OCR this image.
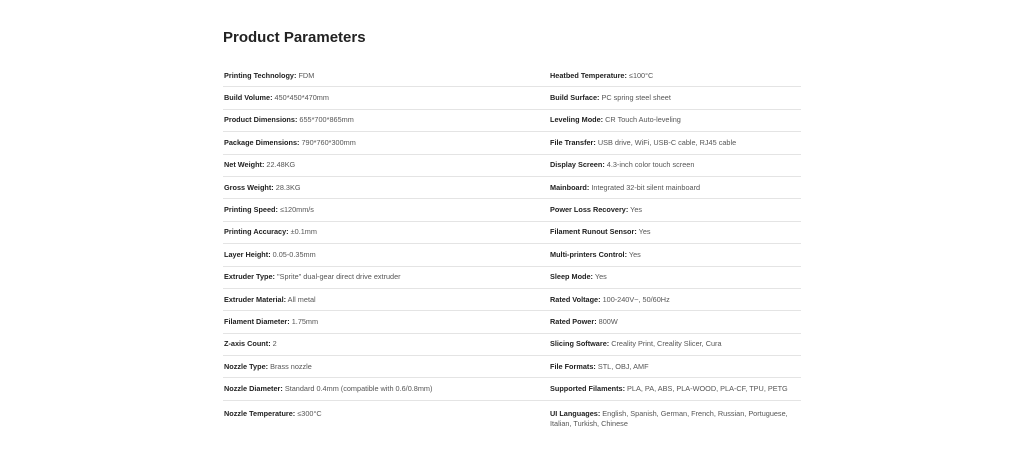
Product Parameters
Printing Technology: FDM	Heatbed Temperature: ≤100°C
Build Volume: 450*450*470mm	Build Surface: PC spring steel sheet
Product Dimensions: 655*700*865mm	Leveling Mode: CR Touch Auto-leveling
Package Dimensions: 790*760*300mm	File Transfer: USB drive, WiFi, USB-C cable, RJ45 cable
Net Weight: 22.48KG	Display Screen: 4.3-inch color touch screen
Gross Weight: 28.3KG	Mainboard: Integrated 32-bit silent mainboard
Printing Speed: ≤120mm/s	Power Loss Recovery: Yes
Printing Accuracy: ±0.1mm	Filament Runout Sensor: Yes
Layer Height: 0.05-0.35mm	Multi-printers Control: Yes
Extruder Type: "Sprite" dual-gear direct drive extruder	Sleep Mode: Yes
Extruder Material: All metal	Rated Voltage: 100-240V~, 50/60Hz
Filament Diameter: 1.75mm	Rated Power: 800W
Z-axis Count: 2	Slicing Software: Creality Print, Creality Slicer, Cura
Nozzle Type: Brass nozzle	File Formats: STL, OBJ, AMF
Nozzle Diameter: Standard 0.4mm (compatible with 0.6/0.8mm)	Supported Filaments: PLA, PA, ABS, PLA-WOOD, PLA-CF, TPU, PETG
Nozzle Temperature: ≤300°C	UI Languages: English, Spanish, German, French, Russian, Portuguese, Italian, Turkish, Chinese
